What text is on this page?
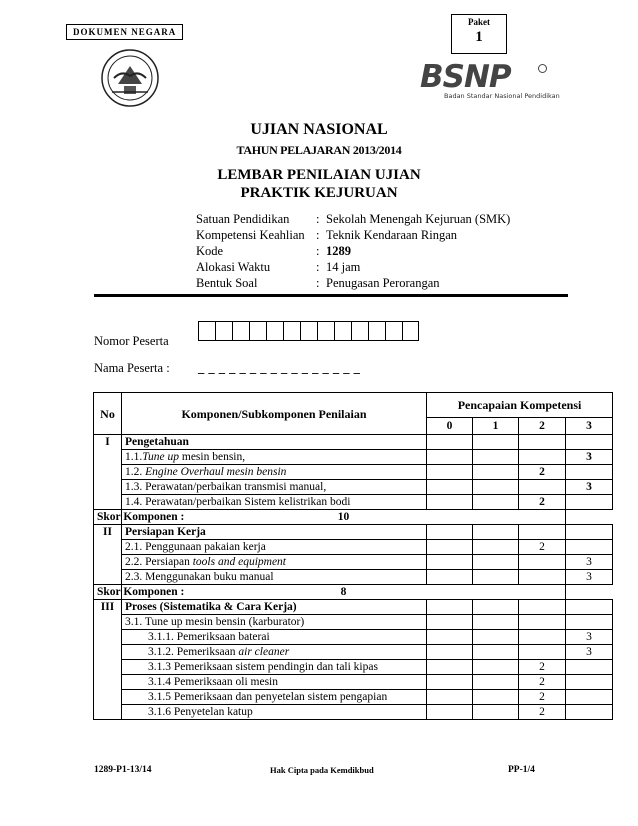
DOKUMEN NEGARA
Paket
1
BSNP
Badan Standar Nasional Pendidikan
UJIAN NASIONAL
TAHUN PELAJARAN 2013/2014
LEMBAR PENILAIAN UJIAN
PRAKTIK KEJURUAN
Satuan Pendidikan : Sekolah Menengah Kejuruan (SMK)
Kompetensi Keahlian : Teknik Kendaraan Ringan
Kode	: 1289
Alokasi Waktu	: 14 jam
Bentuk Soal	: Penugasan Perorangan
Nomor Peserta
Nama Peserta : _ _ _ _ _ _ _ _ _ _ _ _ _ _ _ _
No	Komponen/Subkomponen Penilaian	Pencapaian Kompetensi			
		0	1	2	3
I	Pengetahuan				
	1.1.Tune up mesin bensin,				3
	1.2. Engine Overhaul mesin bensin			2	
	1.3. Perawatan/perbaikan transmisi manual,				3
	1.4. Perawatan/perbaikan Sistem kelistrikan bodi			2	
Skor Komponen :	10				
II	Persiapan Kerja				
	2.1. Penggunaan pakaian kerja			2	
	2.2. Persiapan tools and equipment				3
	2.3. Menggunakan buku manual				3
Skor Komponen :	8				
III	Proses (Sistematika & Cara Kerja)				
	3.1. Tune up mesin bensin (karburator)				
	3.1.1. Pemeriksaan baterai				3
	3.1.2. Pemeriksaan air cleaner				3
	3.1.3 Pemeriksaan sistem pendingin dan tali kipas			2	
	3.1.4 Pemeriksaan oli mesin			2	
	3.1.5 Pemeriksaan dan penyetelan sistem pengapian			2	
	3.1.6 Penyetelan katup			2	
1289-P1-13/14	Hak Cipta pada Kemdikbud	PP-1/4
